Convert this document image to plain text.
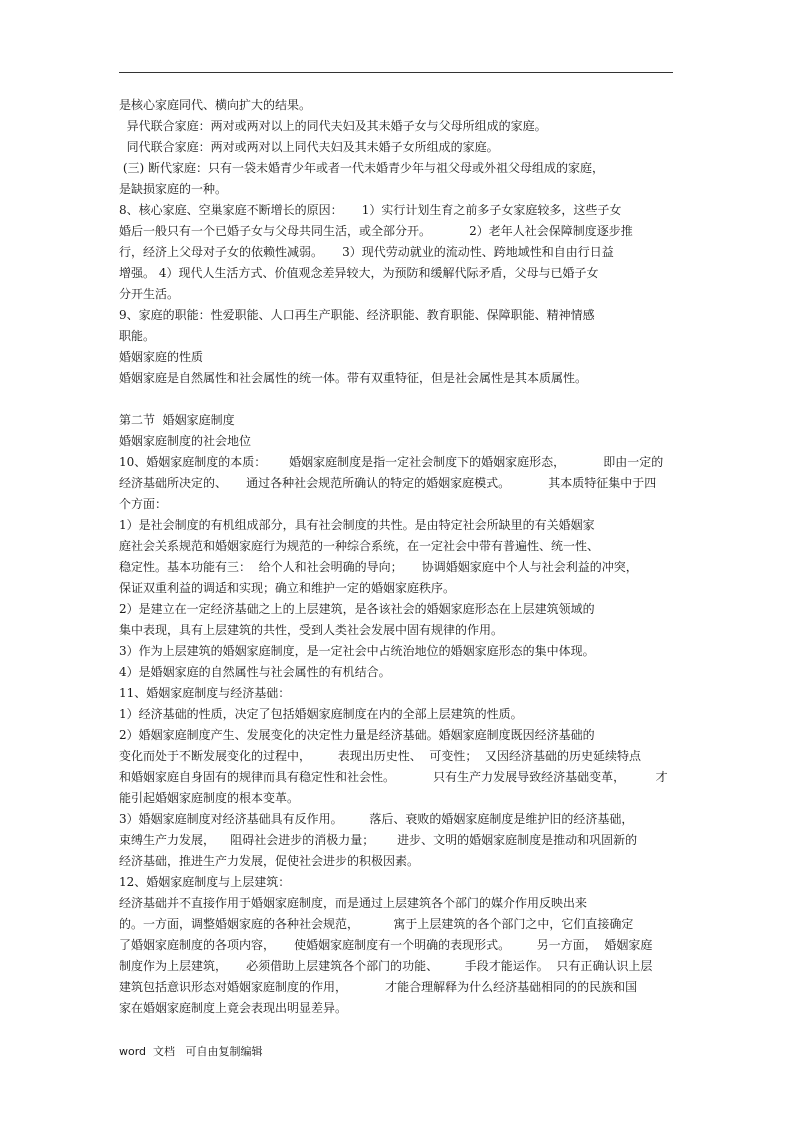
是核心家庭同代、横向扩大的结果。
异代联合家庭：两对或两对以上的同代夫妇及其未婚子女与父母所组成的家庭。
同代联合家庭：两对或两对以上同代夫妇及其未婚子女所组成的家庭。
(三) 断代家庭：只有一袋未婚青少年或者一代未婚青少年与祖父母或外祖父母组成的家庭，
是缺损家庭的一种。
8、核心家庭、空巢家庭不断增长的原因：     1）实行计划生育之前多子女家庭较多，这些子女
婚后一般只有一个已婚子女与父母共同生活，或全部分开。          2）老年人社会保障制度逐步推
行，经济上父母对子女的依赖性减弱。     3）现代劳动就业的流动性、跨地域性和自由行日益
增强。 4）现代人生活方式、价值观念差异较大，为预防和缓解代际矛盾，父母与已婚子女
分开生活。
9、家庭的职能：性爱职能、人口再生产职能、经济职能、教育职能、保障职能、精神情感
职能。
婚姻家庭的性质
婚姻家庭是自然属性和社会属性的统一体。带有双重特征，但是社会属性是其本质属性。
第二节  婚姻家庭制度
婚姻家庭制度的社会地位
10、婚姻家庭制度的本质：      婚姻家庭制度是指一定社会制度下的婚姻家庭形态，          即由一定的
经济基础所决定的、     通过各种社会规范所确认的特定的婚姻家庭模式。          其本质特征集中于四
个方面：
1）是社会制度的有机组成部分，具有社会制度的共性。是由特定社会所缺里的有关婚姻家
庭社会关系规范和婚姻家庭行为规范的一种综合系统，在一定社会中带有普遍性、统一性、
稳定性。基本功能有三：  给个人和社会明确的导向；     协调婚姻家庭中个人与社会利益的冲突，
保证双重利益的调适和实现；确立和维护一定的婚姻家庭秩序。
2）是建立在一定经济基础之上的上层建筑，是各该社会的婚姻家庭形态在上层建筑领域的
集中表现，具有上层建筑的共性，受到人类社会发展中固有规律的作用。
3）作为上层建筑的婚姻家庭制度，是一定社会中占统治地位的婚姻家庭形态的集中体现。
4）是婚姻家庭的自然属性与社会属性的有机结合。
11、婚姻家庭制度与经济基础：
1）经济基础的性质，决定了包括婚姻家庭制度在内的全部上层建筑的性质。
2）婚姻家庭制度产生、发展变化的决定性力量是经济基础。婚姻家庭制度既因经济基础的
变化而处于不断发展变化的过程中，       表现出历史性、  可变性；  又因经济基础的历史延续特点
和婚姻家庭自身固有的规律而具有稳定性和社会性。          只有生产力发展导致经济基础变革，        才
能引起婚姻家庭制度的根本变革。
3）婚姻家庭制度对经济基础具有反作用。       落后、衰败的婚姻家庭制度是维护旧的经济基础，
束缚生产力发展，    阻碍社会进步的消极力量；      进步、文明的婚姻家庭制度是推动和巩固新的
经济基础，推进生产力发展，促使社会进步的积极因素。
12、婚姻家庭制度与上层建筑：
经济基础并不直接作用于婚姻家庭制度，而是通过上层建筑各个部门的媒介作用反映出来
的。一方面，调整婚姻家庭的各种社会规范，         寓于上层建筑的各个部门之中，它们直接确定
了婚姻家庭制度的各项内容，     使婚姻家庭制度有一个明确的表现形式。       另一方面，  婚姻家庭
制度作为上层建筑，     必须借助上层建筑各个部门的功能、       手段才能运作。  只有正确认识上层
建筑包括意识形态对婚姻家庭制度的作用，          才能合理解释为什么经济基础相同的的民族和国
家在婚姻家庭制度上竟会表现出明显差异。
word  文档   可自由复制编辑
